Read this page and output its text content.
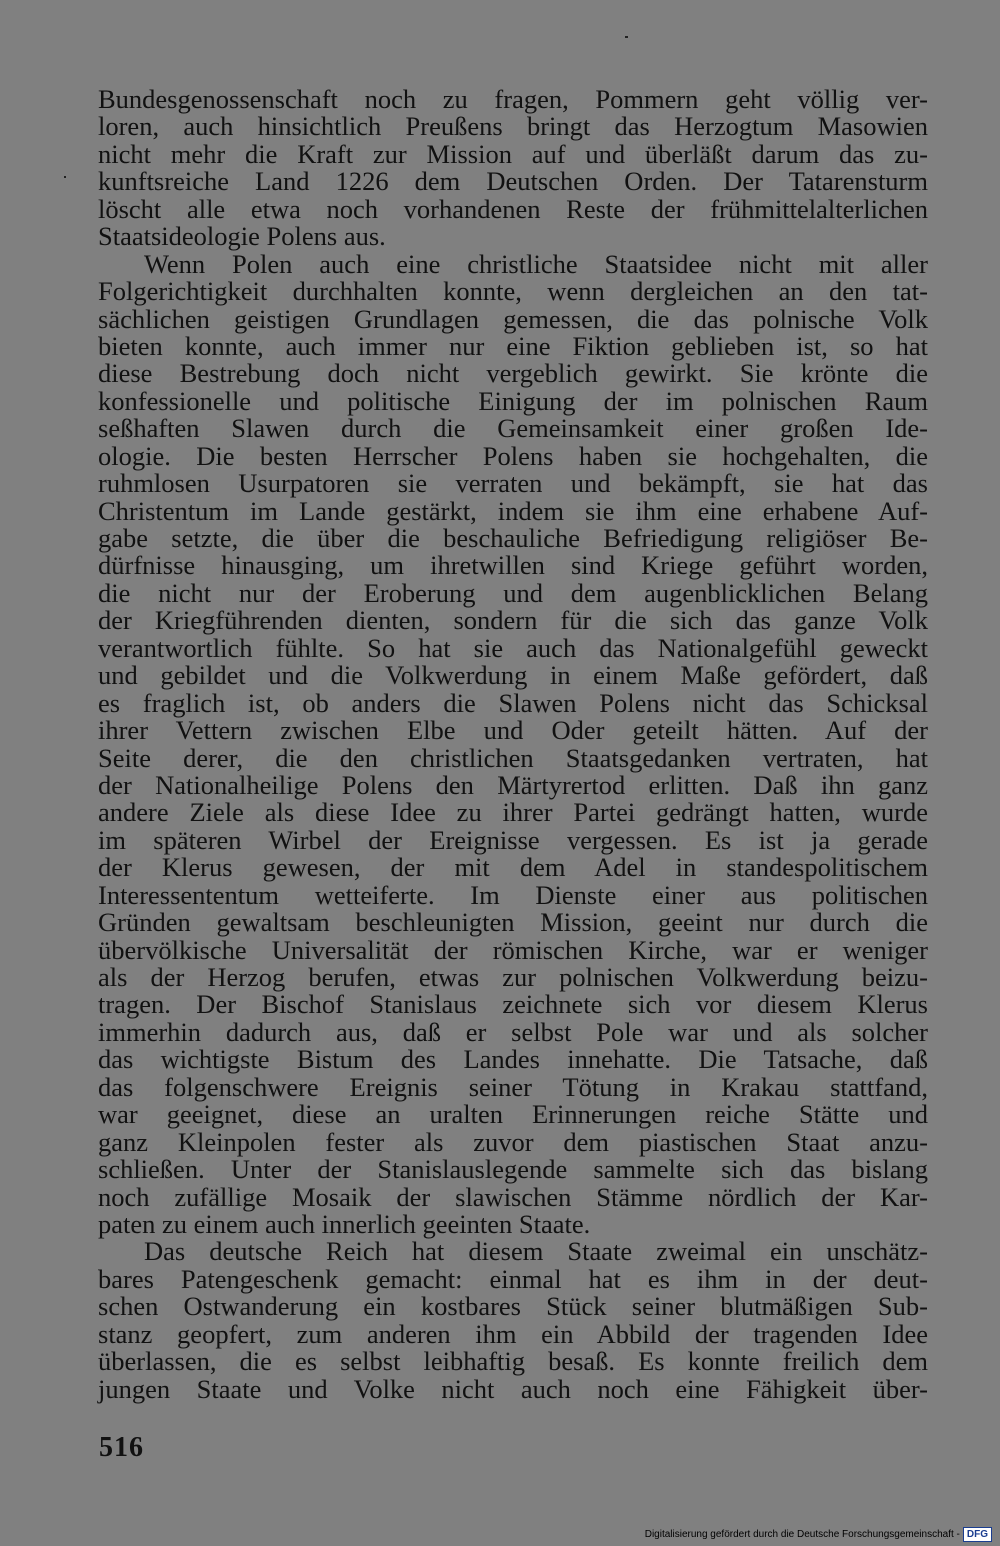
Bundesgenossenschaft noch zu fragen, Pommern geht völlig ver-
loren, auch hinsichtlich Preußens bringt das Herzogtum Masowien
nicht mehr die Kraft zur Mission auf und überläßt darum das zu-
kunftsreiche Land 1226 dem Deutschen Orden. Der Tatarensturm
löscht alle etwa noch vorhandenen Reste der frühmittelalterlichen
Staatsideologie Polens aus.
Wenn Polen auch eine christliche Staatsidee nicht mit aller
Folgerichtigkeit durchhalten konnte, wenn dergleichen an den tat-
sächlichen geistigen Grundlagen gemessen, die das polnische Volk
bieten konnte, auch immer nur eine Fiktion geblieben ist, so hat
diese Bestrebung doch nicht vergeblich gewirkt. Sie krönte die
konfessionelle und politische Einigung der im polnischen Raum
seßhaften Slawen durch die Gemeinsamkeit einer großen Ide-
ologie. Die besten Herrscher Polens haben sie hochgehalten, die
ruhmlosen Usurpatoren sie verraten und bekämpft, sie hat das
Christentum im Lande gestärkt, indem sie ihm eine erhabene Auf-
gabe setzte, die über die beschauliche Befriedigung religiöser Be-
dürfnisse hinausging, um ihretwillen sind Kriege geführt worden,
die nicht nur der Eroberung und dem augenblicklichen Belang
der Kriegführenden dienten, sondern für die sich das ganze Volk
verantwortlich fühlte. So hat sie auch das Nationalgefühl geweckt
und gebildet und die Volkwerdung in einem Maße gefördert, daß
es fraglich ist, ob anders die Slawen Polens nicht das Schicksal
ihrer Vettern zwischen Elbe und Oder geteilt hätten. Auf der
Seite derer, die den christlichen Staatsgedanken vertraten, hat
der Nationalheilige Polens den Märtyrertod erlitten. Daß ihn ganz
andere Ziele als diese Idee zu ihrer Partei gedrängt hatten, wurde
im späteren Wirbel der Ereignisse vergessen. Es ist ja gerade
der Klerus gewesen, der mit dem Adel in standespolitischem
Interessententum wetteiferte. Im Dienste einer aus politischen
Gründen gewaltsam beschleunigten Mission, geeint nur durch die
übervölkische Universalität der römischen Kirche, war er weniger
als der Herzog berufen, etwas zur polnischen Volkwerdung beizu-
tragen. Der Bischof Stanislaus zeichnete sich vor diesem Klerus
immerhin dadurch aus, daß er selbst Pole war und als solcher
das wichtigste Bistum des Landes innehatte. Die Tatsache, daß
das folgenschwere Ereignis seiner Tötung in Krakau stattfand,
war geeignet, diese an uralten Erinnerungen reiche Stätte und
ganz Kleinpolen fester als zuvor dem piastischen Staat anzu-
schließen. Unter der Stanislauslegende sammelte sich das bislang
noch zufällige Mosaik der slawischen Stämme nördlich der Kar-
paten zu einem auch innerlich geeinten Staate.
Das deutsche Reich hat diesem Staate zweimal ein unschätz-
bares Patengeschenk gemacht: einmal hat es ihm in der deut-
schen Ostwanderung ein kostbares Stück seiner blutmäßigen Sub-
stanz geopfert, zum anderen ihm ein Abbild der tragenden Idee
überlassen, die es selbst leibhaftig besaß. Es konnte freilich dem
jungen Staate und Volke nicht auch noch eine Fähigkeit über-
516
Digitalisierung gefördert durch die Deutsche Forschungsgemeinschaft - DFG
